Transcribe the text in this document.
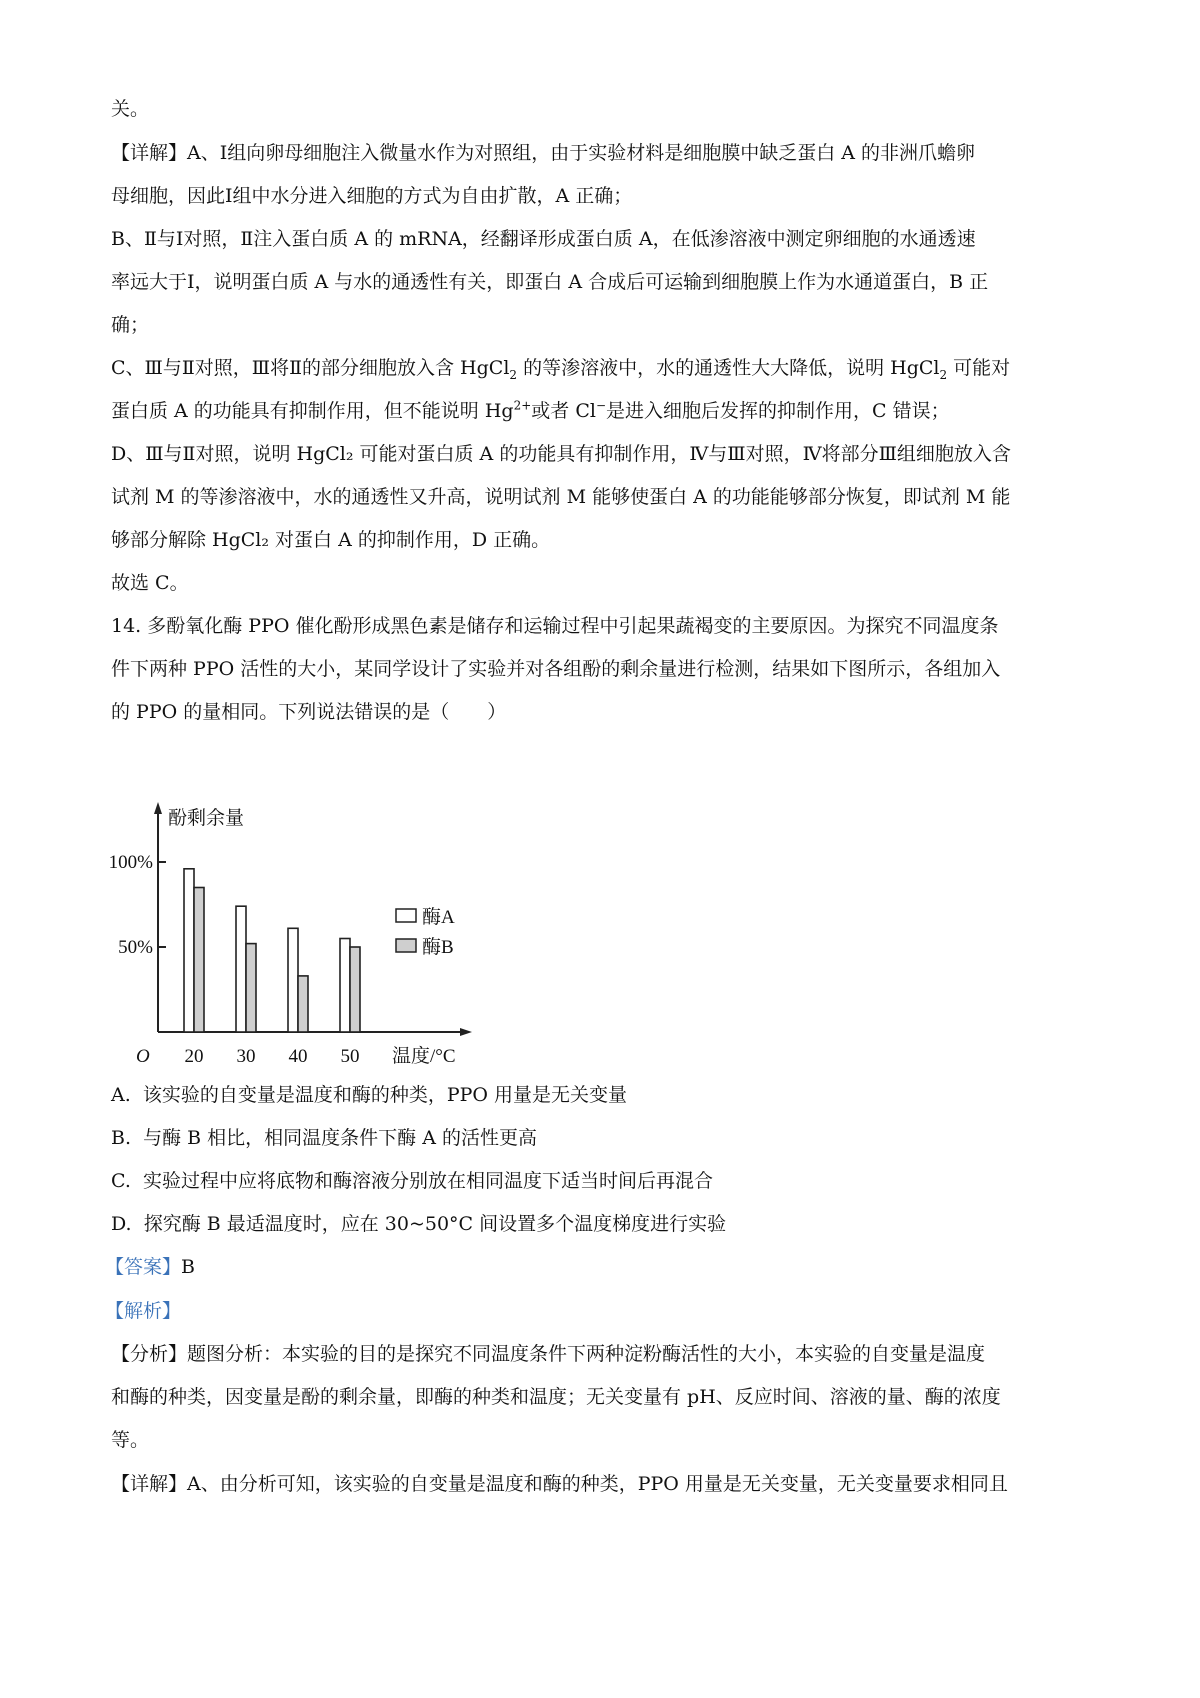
关。
【详解】A、Ⅰ组向卵母细胞注入微量水作为对照组，由于实验材料是细胞膜中缺乏蛋白 A 的非洲爪蟾卵
母细胞，因此Ⅰ组中水分进入细胞的方式为自由扩散，A 正确；
B、Ⅱ与Ⅰ对照，Ⅱ注入蛋白质 A 的 mRNA，经翻译形成蛋白质 A，在低渗溶液中测定卵细胞的水通透速
率远大于Ⅰ，说明蛋白质 A 与水的通透性有关，即蛋白 A 合成后可运输到细胞膜上作为水通道蛋白，B 正
确；
C、Ⅲ与Ⅱ对照，Ⅲ将Ⅱ的部分细胞放入含 HgCl$_2$ 的等渗溶液中，水的通透性大大降低，说明 HgCl$_2$ 可能对
蛋白质 A 的功能具有抑制作用，但不能说明 $Hg^{2+}$或者 Cl−是进入细胞后发挥的抑制作用，C 错误；
D、Ⅲ与Ⅱ对照，说明 HgCl₂ 可能对蛋白质 A 的功能具有抑制作用，Ⅳ与Ⅲ对照，Ⅳ将部分Ⅲ组细胞放入含
试剂 M 的等渗溶液中，水的通透性又升高，说明试剂 M 能够使蛋白 A 的功能能够部分恢复，即试剂 M 能
够部分解除 HgCl₂ 对蛋白 A 的抑制作用，D 正确。
故选 C。
14. 多酚氧化酶 PPO 催化酚形成黑色素是储存和运输过程中引起果蔬褐变的主要原因。为探究不同温度条
件下两种 PPO 活性的大小，某同学设计了实验并对各组酚的剩余量进行检测，结果如下图所示，各组加入
的 PPO 的量相同。下列说法错误的是（　　）
50%
100%
20 30 40 50
酶A
酶B
酚剩余量
温度/°C
O
A. 该实验的自变量是温度和酶的种类，PPO 用量是无关变量
B. 与酶 B 相比，相同温度条件下酶 A 的活性更高
C. 实验过程中应将底物和酶溶液分别放在相同温度下适当时间后再混合
D. 探究酶 B 最适温度时，应在 30~50°C 间设置多个温度梯度进行实验
【答案】B
【解析】
【分析】题图分析：本实验的目的是探究不同温度条件下两种淀粉酶活性的大小，本实验的自变量是温度
和酶的种类，因变量是酚的剩余量，即酶的种类和温度；无关变量有 pH、反应时间、溶液的量、酶的浓度
等。
【详解】A、由分析可知，该实验的自变量是温度和酶的种类，PPO 用量是无关变量，无关变量要求相同且
